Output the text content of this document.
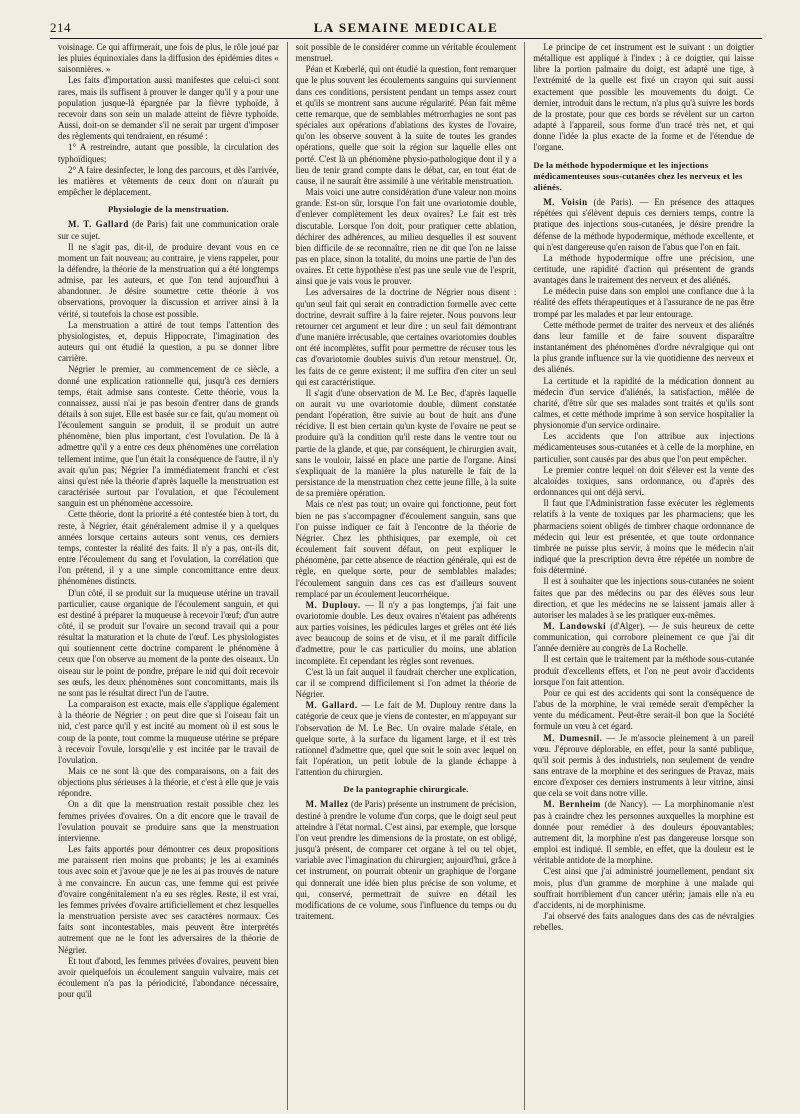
214	LA SEMAINE MEDICALE

voisinage. Ce qui affirmerait, une fois de plus, le rôle joué par les pluies équinoxiales dans la diffusion des épidémies dites « saisonnières. »

Les faits d'importation aussi manifestes que celui-ci sont rares, mais ils suffisent à prouver le danger qu'il y a pour une population jusque-là épargnée par la fièvre typhoïde, à recevoir dans son sein un malade atteint de fièvre typhoïde. Aussi, doit-on se demander s'il ne serait par urgent d'imposer des règlements qui tendraient, en résumé :

1° A restreindre, autant que possible, la circulation des typhoïdiques;

2° A faire desinfecter, le long des parcours, et dès l'arrivée, les matières et vêtements de ceux dont on n'aurait pu empêcher le déplacement.

Physiologie de la menstruation.

M. T. Gallard (de Paris) fait une communication orale sur ce sujet.

Il ne s'agit pas, dit-il, de produire devant vous en ce moment un fait nouveau; au contraire, je viens rappeler, pour la défendre, la théorie de la menstruation qui a été longtemps admise, par les auteurs, et que l'on tend aujourd'hui à abandonner. Je désire soumettre cette théorie à vos observations, provoquer la discussion et arriver ainsi à la vérité, si toutefois la chose est possible.

La menstruation a attiré de tout temps l'attention des physiologistes, et, depuis Hippocrate, l'imagination des auteurs qui ont étudié la question, a pu se donner libre carrière.

Négrier le premier, au commencement de ce siècle, a donné une explication rationnelle qui, jusqu'à ces derniers temps, était admise sans conteste. Cette théorie, vous la connaissez, aussi n'ai je pas besoin d'entrer dans de grands détails à son sujet. Elle est basée sur ce fait, qu'au moment où l'écoulement sanguin se produit, il se produit un autre phénomène, bien plus important, c'est l'ovulation. De là à admettre qu'il y a entre ces deux phénomènes une corrélation tellement intime, que l'un était la conséquence de l'autre, il n'y avait qu'un pas; Négrier l'a immédiatement franchi et c'est ainsi qu'est née la théorie d'après laquelle la menstruation est caractérisée surtout par l'ovulation, et que l'écoulement sanguin est un phénomène accessoire.

Cette théorie, dont la priorité a été contestée bien à tort, du reste, à Négrier, était généralement admise il y a quelques années lorsque certains auteurs sont venus, ces derniers temps, contester la réalité des faits. Il n'y a pas, ont-ils dit, entre l'écoulement du sang et l'ovulation, la corrélation que l'on prétend, il y a une simple concomittance entre deux phénomènes distincts.

D'un côté, il se produit sur la muqueuse utérine un travail particulier, cause organique de l'écoulement sanguin, et qui est destiné à préparer la muqueuse à recevoir l'œuf; d'un autre côté, il se produit sur l'ovaire un second travail qui a pour résultat la maturation et la chute de l'œuf. Les physiologistes qui soutiennent cette doctrine comparent le phénomène à ceux que l'on observe au moment de la ponte des oiseaux. Un oiseau sur le point de pondre, prépare le nid qui doit recevoir ses œufs, les deux phénomènes sont concomittants, mais ils ne sont pas le résultat direct l'un de l'autre.

La comparaison est exacte, mais elle s'applique également à la théorie de Négrier : on peut dire que si l'oiseau fait un nid, c'est parce qu'il y est incité au moment où il est sous le coup de la ponte, tout comme la muqueuse utérine se prépare à recevoir l'ovule, lorsqu'elle y est incitée par le travail de l'ovulation.

Mais ce ne sont là que des comparaisons, on a fait des objections plus sérieuses à la théorie, et c'est à elle que je vais répondre.

On a dit que la menstruation restait possible chez les femmes privées d'ovaires. On a dit encore que le travail de l'ovulation pouvait se produire sans que la menstruation intervienne.

Les faits apportés pour démontrer ces deux propositions me paraissent rien moins que probants; je les ai examinés tous avec soin et j'avoue que je ne les ai pas trouvés de nature à me convaincre. En aucun cas, une femme qui est privée d'ovaire congénitalement n'a eu ses règles. Reste, il est vrai, les femmes privées d'ovaire artificiellement et chez lesquelles la menstruation persiste avec ses caractères normaux. Ces faits sont incontestables, mais peuvent être interprétés autrement que ne le font les adversaires de la théorie de Négrier.

Et tout d'abord, les femmes privées d'ovaires, peuvent bien avoir quelquefois un écoulement sanguin vulvaire, mais cet écoulement n'a pas la périodicité, l'abondance nécessaire, pour qu'il

soit possible de le considérer comme un véritable écoulement menstruel.

Péan et Kœberlé, qui ont étudié la question, font remarquer que le plus souvent les écoulements sanguins qui surviennent dans ces conditions, persistent pendant un temps assez court et qu'ils se montrent sans aucune régularité. Péan fait même cette remarque, que de semblables métrorrhagies ne sont pas spéciales aux opérations d'ablations des kystes de l'ovaire, qu'on les observe souvent à la suite de toutes les grandes opérations, quelle que soit la région sur laquelle elles ont porté. C'est là un phénomène physio-pathologique dont il y a lieu de tenir grand compte dans le débat, car, en tout état de cause, il ne saurait être assimilé à une véritable menstruation.

Mais voici une autre considération d'une valeur non moins grande. Est-on sûr, lorsque l'on fait une ovariotomie double, d'enlever complètement les deux ovaires? Le fait est très discutable. Lorsque l'on doit, pour pratiquer cette ablation, déchirer des adhérences, au milieu desquelles il est souvent bien difficile de se reconnaître, rien ne dit que l'on ne laisse pas en place, sinon la totalité, du moins une partie de l'un des ovaires. Et cette hypothèse n'est pas une seule vue de l'esprit, ainsi que je vais vous le prouver.

Les adversaires de la doctrine de Négrier nous disent : qu'un seul fait qui serait en contradiction formelle avec cette doctrine, devrait suffire à la faire rejeter. Nous pouvons leur retourner cet argument et leur dire : un seul fait démontrant d'une manière irrécusable, que certaines ovariotomies doubles ont été incomplètes, suffit pour permettre de récuser tous les cas d'ovariotomie doubles suivis d'un retour menstruel. Or, les faits de ce genre existent; il me suffira d'en citer un seul qui est caractéristique.

Il s'agit d'une observation de M. Le Bec, d'après laquelle on aurait vu une ovariotomie double, dûment constatée pendant l'opération, être suivie au bout de huit ans d'une récidive. Il est bien certain qu'un kyste de l'ovaire ne peut se produire qu'à la condition qu'il reste dans le ventre tout ou partie de la glande, et que, par conséquent, le chirurgien avait, sans le vouloir, laissé en place une partie de l'organe. Ainsi s'expliquait de la manière la plus naturelle le fait de la persistance de la menstruation chez cette jeune fille, à la suite de sa première opération.

Mais ce n'est pas tout; un ovaire qui fonctionne, peut fort bien ne pas s'accompagner d'écoulement sanguin, sans que l'on puisse indiquer ce fait à l'encontre de la théorie de Négrier. Chez les phthisiques, par exemple, où cet écoulement fait souvent défaut, on peut expliquer le phénomène, par cette absence de réaction générale, qui est de règle, en quelque sorte, pour de semblables malades; l'écoulement sanguin dans ces cas est d'ailleurs souvent remplacé par un écoulement leucorrhéique.

M. Duplouy. — Il n'y a pas longtemps, j'ai fait une ovariotomie double. Les deux ovaires n'étaient pas adhérents aux parties voisines, les pédicules larges et grêles ont été liés avec beaucoup de soins et de visu, et il me paraît difficile d'admettre, pour le cas particulier du moins, une ablation incomplète. Et cependant les règles sont revenues.

C'est là un fait auquel il faudrait chercher une explication, car il se comprend difficilement si l'on admet la théorie de Négrier.

M. Gallard. — Le fait de M. Duplouy rentre dans la catégorie de ceux que je viens de contester, en m'appuyant sur l'observation de M. Le Bec. Un ovaire malade s'étale, en quelque sorte, à la surface du ligament large, et il est très rationnel d'admettre que, quel que soit le soin avec lequel on fait l'opération, un petit lobule de la glande échappe à l'attention du chirurgien.

De la pantographie chirurgicale.

M. Mallez (de Paris) présente un instrument de précision, destiné à prendre le volume d'un corps, que le doigt seul peut atteindre à l'état normal. C'est ainsi, par exemple, que lorsque l'on veut prendre les dimensions de la prostate, on est obligé, jusqu'à présent, de comparer cet organe à tel ou tel objet, variable avec l'imagination du chirurgien; aujourd'hui, grâce à cet instrument, on pourrait obtenir un graphique de l'organe qui donnerait une idée bien plus précise de son volume, et qui, conservé, permettrait de suivre en détail les modifications de ce volume, sous l'influence du temps ou du traitement.

Le principe de cet instrument est le suivant : un doigtier métallique est appliqué à l'index ; à ce doigtier, qui laisse libre la portion palmaire du doigt, est adapté une tige, à l'extrémité de la quelle est fixé un crayon qui suit aussi exactement que possible les mouvements du doigt. Ce dernier, introduit dans le rectum, n'a plus qu'à suivre les bords de la prostate, pour que ces bords se révèlent sur un carton adapté à l'appareil, sous forme d'un tracé très net, et qui donne l'idée la plus exacte de la forme et de l'étendue de l'organe.

De la méthode hypodermique et les injections médicamenteuses sous-cutanées chez les nerveux et les aliénés.

M. Voisin (de Paris). — En présence des attaques répétées qui s'élèvent depuis ces derniers temps, contre la pratique des injections sous-cutanées, je désire prendre la défense de la méthode hypodermique, méthode excellente, et qui n'est dangereuse qu'en raison de l'abus que l'on en fait.

La méthode hypodermique offre une précision, une certitude, une rapidité d'action qui présentent de grands avantages dans le traitement des nerveux et des aliénés.

Le médecin puise dans son emploi une confiance due à la réalité des effets thérapeutiques et à l'assurance de ne pas être trompé par les malades et par leur entourage.

Cette méthode permet de traiter des nerveux et des aliénés dans leur famille et de faire souvent disparaître instantanément des phénomènes d'ordre névralgique qui ont la plus grande influence sur la vie quotidienne des nerveux et des aliénés.

La certitude et la rapidité de la médication donnent au médecin d'un service d'aliénés, la satisfaction, mêlée de charité, d'être sûr que ses malades sont traités et qu'ils sont calmes, et cette méthode imprime à son service hospitalier la physionomie d'un service ordinaire.

Les accidents que l'on attribue aux injections médicamenteuses sous-cutanées et à celle de la morphine, en particulier, sont causés par des abus que l'on peut empêcher.

Le premier contre lequel on doit s'élever est la vente des alcaloïdes toxiques, sans ordonnance, ou d'après des ordonnances qui ont déjà servi.

Il faut que l'Administration fasse exécuter les règlements relatifs à la vente de toxiques par les pharmaciens; que les pharmaciens soient obligés de timbrer chaque ordonnance de médecin qui leur est présentée, et que toute ordonnance timbrée ne puisse plus servir, à moins que le médecin n'ait indiqué que la prescription devra être répétée un nombre de fois déterminé.

Il est à souhaiter que les injections sous-cutanées ne soient faites que par des médecins ou par des élèves sous leur direction, et que les médecins ne se laissent jamais aller à autoriser les malades à se les pratiquer eux-mêmes.

M. Landowski (d'Alger). — Je suis heureux de cette communication, qui corrobore pleinement ce que j'ai dit l'année dernière au congrès de La Rochelle.

Il est certain que le traitement par la méthode sous-cutanée produit d'excellents effets, et l'on ne peut avoir d'accidents lorsque l'on fait attention.

Pour ce qui est des accidents qui sont la conséquence de l'abus de la morphine, le vrai remède serait d'empêcher la vente du médicament. Peut-être serait-il bon que la Société formule un vœu à cet égard.

M. Dumesnil. — Je m'associe pleinement à un pareil vœu. J'éprouve déplorable, en effet, pour la santé publique, qu'il soit permis à des industriels, non seulement de vendre sans entrave de la morphine et des seringues de Pravaz, mais encore d'exposer ces derniers instruments à leur vitrine, ainsi que cela se voit dans notre ville.

M. Bernheim (de Nancy). — La morphinomanie n'est pas à craindre chez les personnes auxquelles la morphine est donnée pour remédier à des douleurs épouvantables; autrement dit, la morphine n'est pas dangereuse lorsque son emploi est indiqué. Il semble, en effet, que la douleur est le véritable antidote de la morphine.

C'est ainsi que j'ai administré journellement, pendant six mois, plus d'un gramme de morphine à une malade qui souffrait horriblement d'un cancer utérin; jamais elle n'a eu d'accidents, ni de morphinisme.

J'ai observé des faits analogues dans des cas de névralgies rebelles.
